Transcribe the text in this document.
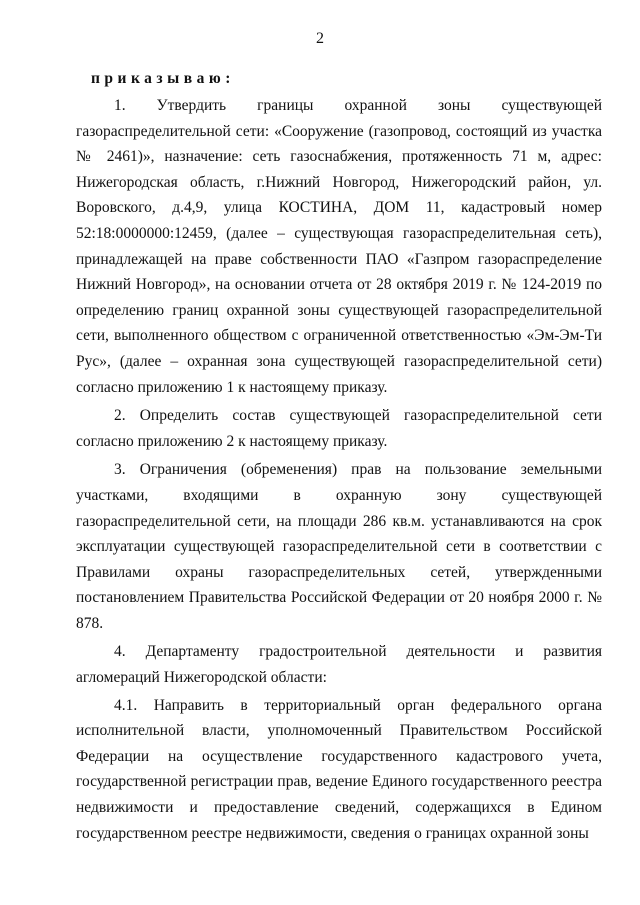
2
приказываю:

1. Утвердить границы охранной зоны существующей газораспределительной сети: «Сооружение (газопровод, состоящий из участка № 2461)», назначение: сеть газоснабжения, протяженность 71 м, адрес: Нижегородская область, г.Нижний Новгород, Нижегородский район, ул. Воровского, д.4,9, улица КОСТИНА, ДОМ 11, кадастровый номер 52:18:0000000:12459, (далее – существующая газораспределительная сеть), принадлежащей на праве собственности ПАО «Газпром газораспределение Нижний Новгород», на основании отчета от 28 октября 2019 г. № 124-2019 по определению границ охранной зоны существующей газораспределительной сети, выполненного обществом с ограниченной ответственностью «Эм-Эм-Ти Рус», (далее – охранная зона существующей газораспределительной сети) согласно приложению 1 к настоящему приказу.

2. Определить состав существующей газораспределительной сети согласно приложению 2 к настоящему приказу.

3. Ограничения (обременения) прав на пользование земельными участками, входящими в охранную зону существующей газораспределительной сети, на площади 286 кв.м. устанавливаются на срок эксплуатации существующей газораспределительной сети в соответствии с Правилами охраны газораспределительных сетей, утвержденными постановлением Правительства Российской Федерации от 20 ноября 2000 г. № 878.

4. Департаменту градостроительной деятельности и развития агломераций Нижегородской области:

4.1. Направить в территориальный орган федерального органа исполнительной власти, уполномоченный Правительством Российской Федерации на осуществление государственного кадастрового учета, государственной регистрации прав, ведение Единого государственного реестра недвижимости и предоставление сведений, содержащихся в Едином государственном реестре недвижимости, сведения о границах охранной зоны
